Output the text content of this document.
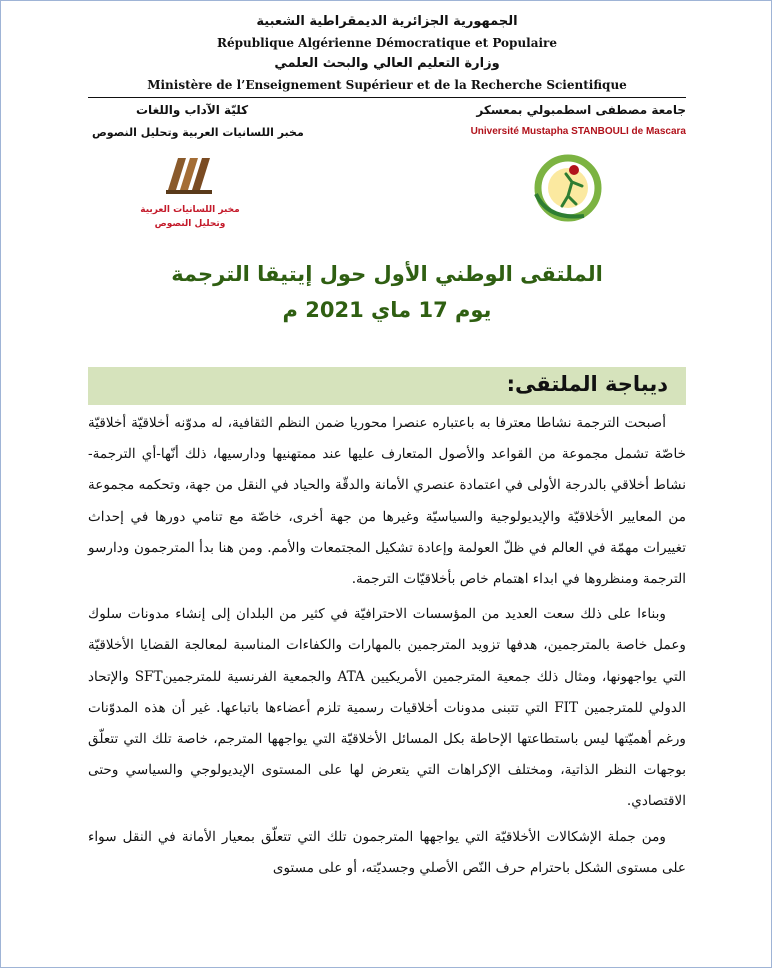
الجمهورية الجزائرية الديمقراطية الشعبية
République Algérienne Démocratique et Populaire
وزارة التعليم العالي والبحث العلمي
Ministère de l’Enseignement Supérieur et de la Recherche Scientifique
جامعة مصطفى اسطمبولي بمعسكر
Université Mustapha STANBOULI de Mascara
كليّة الآداب واللغات
مخبر اللسانيات العربية وتحليل النصوص
مخبر اللسانيات العربية
وتحليل النصوص
الملتقى الوطني الأول حول إيتيقا الترجمة
يوم 17 ماي 2021 م
ديباجة الملتقى:

أصبحت الترجمة نشاطا معترفا به باعتباره عنصرا محوريا ضمن النظم الثقافية، له مدوّنه أخلاقيّة أخلاقيّة خاصّة تشمل مجموعة من القواعد والأصول المتعارف عليها عند ممتهنيها ودارسيها، ذلك أنّها-أي الترجمة- نشاط أخلاقي بالدرجة الأولى في اعتمادة عنصري الأمانة والدقّة والحياد في النقل من جهة، وتحكمه مجموعة من المعايير الأخلاقيّة والإيديولوجية والسياسيّة وغيرها من جهة أخرى، خاصّة مع تنامي دورها في إحداث تغييرات مهمّة في العالم في ظلّ العولمة وإعادة تشكيل المجتمعات والأمم. ومن هنا بدأ المترجمون ودارسو الترجمة ومنظروها في ابداء اهتمام خاص بأخلاقيّات الترجمة.

وبناءا على ذلك سعت العديد من المؤسسات الاحترافيّة في كثير من البلدان إلى إنشاء مدونات سلوك وعمل خاصة بالمترجمين، هدفها تزويد المترجمين بالمهارات والكفاءات المناسبة لمعالجة القضايا الأخلاقيّة التي يواجهونها، ومثال ذلك جمعية المترجمين الأمريكيين ATA والجمعية الفرنسية للمترجمينSFT والإتحاد الدولي للمترجمين FIT التي تتبنى مدونات أخلاقيات رسمية تلزم أعضاءها باتباعها. غير أن هذه المدوّنات ورغم أهميّتها ليس باستطاعتها الإحاطة بكل المسائل الأخلاقيّة التي يواجهها المترجم، خاصة تلك التي تتعلّق بوجهات النظر الذاتية، ومختلف الإكراهات التي يتعرض لها على المستوى الإيديولوجي والسياسي وحتى الاقتصادي.

ومن جملة الإشكالات الأخلاقيّة التي يواجهها المترجمون تلك التي تتعلّق بمعيار الأمانة في النقل سواء على مستوى الشكل باحترام حرف النّص الأصلي وجسديّته، أو على مستوى
